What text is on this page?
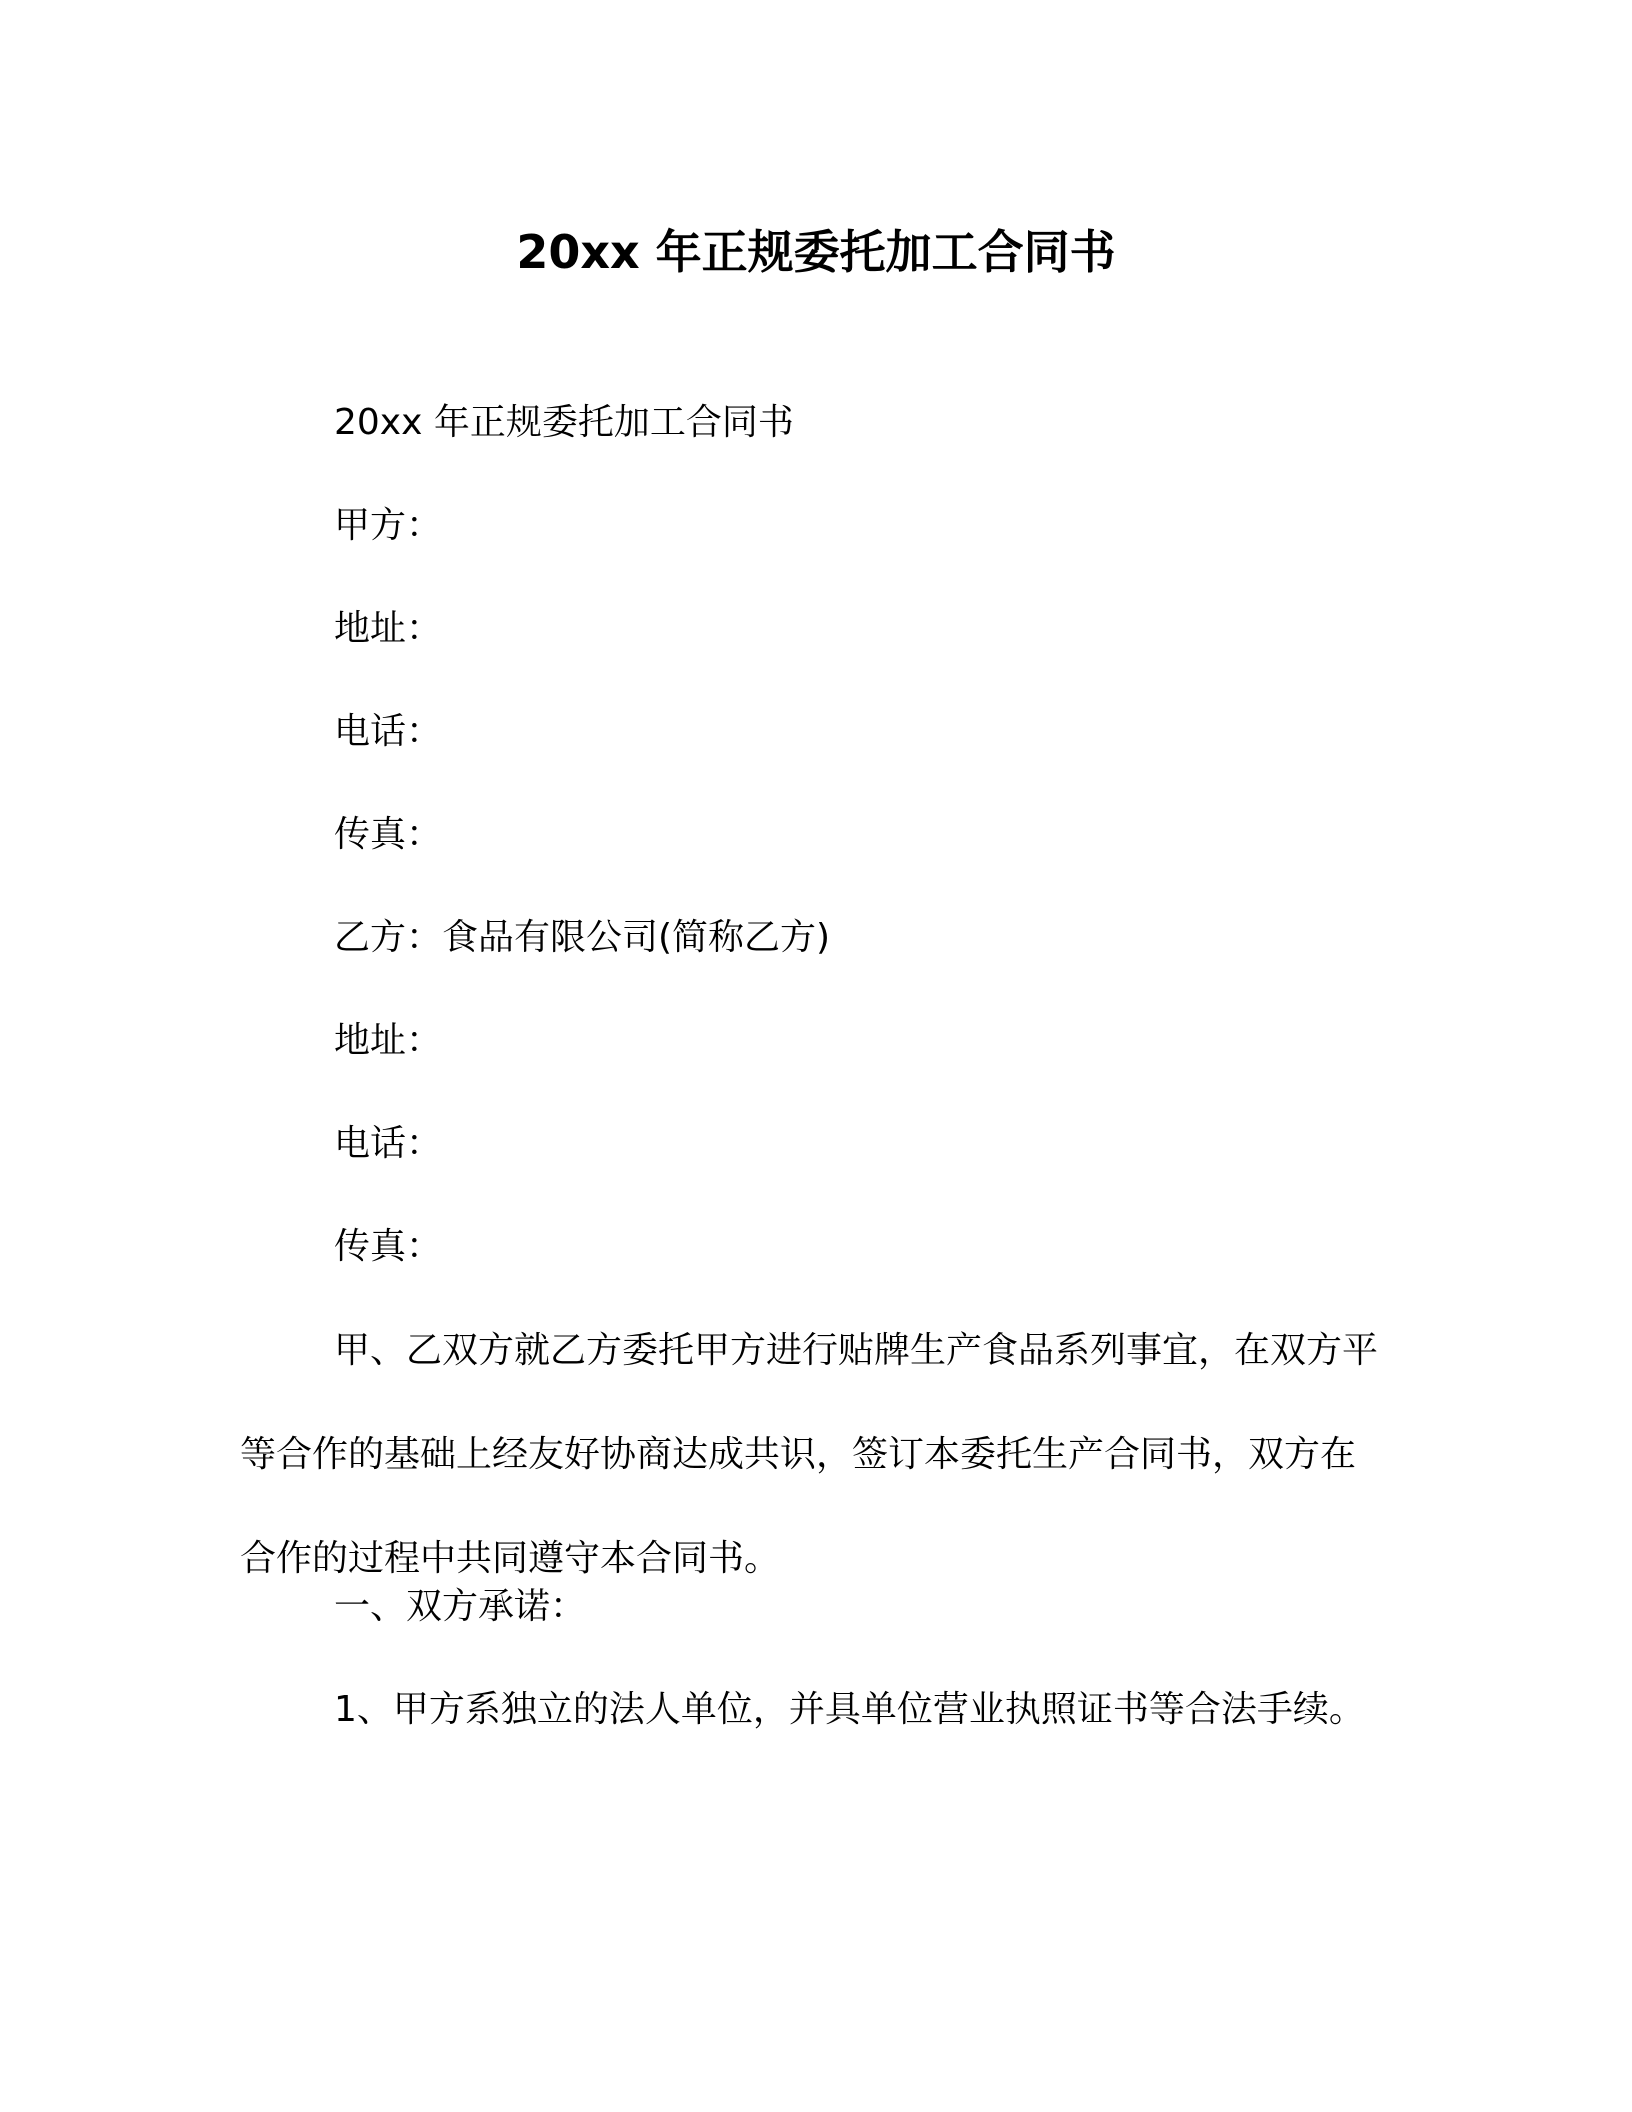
20xx 年正规委托加工合同书
20xx 年正规委托加工合同书
甲方：
地址：
电话：
传真：
乙方：食品有限公司(简称乙方)
地址：
电话：
传真：
甲、乙双方就乙方委托甲方进行贴牌生产食品系列事宜，在双方平等合作的基础上经友好协商达成共识，签订本委托生产合同书，双方在合作的过程中共同遵守本合同书。
一、双方承诺：
1、甲方系独立的法人单位，并具单位营业执照证书等合法手续。
